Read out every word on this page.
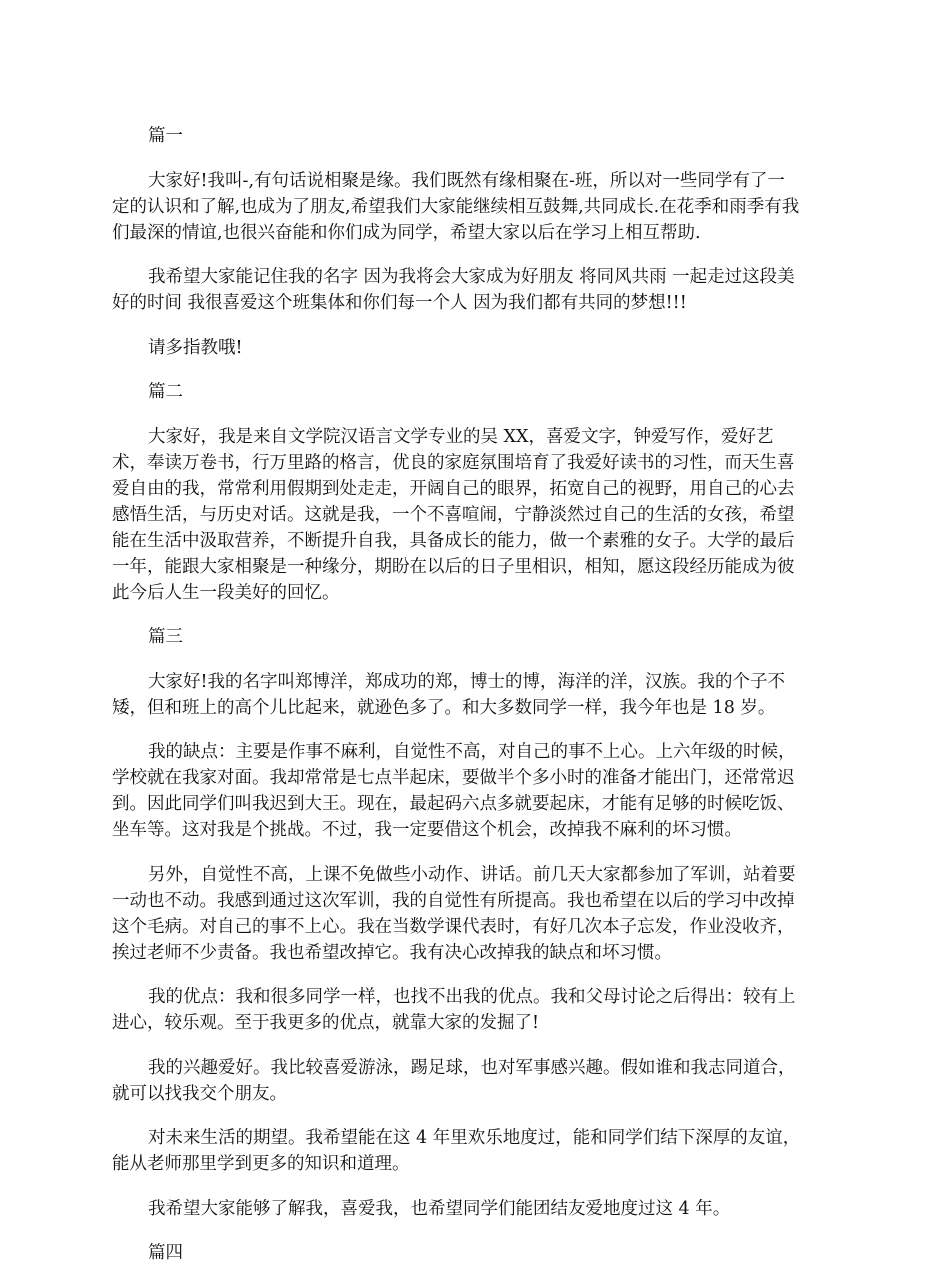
篇一
大家好!我叫-,有句话说相聚是缘。我们既然有缘相聚在-班，所以对一些同学有了一
定的认识和了解,也成为了朋友,希望我们大家能继续相互鼓舞,共同成长.在花季和雨季有我
们最深的情谊,也很兴奋能和你们成为同学，希望大家以后在学习上相互帮助.
我希望大家能记住我的名字 因为我将会大家成为好朋友 将同风共雨 一起走过这段美
好的时间 我很喜爱这个班集体和你们每一个人 因为我们都有共同的梦想!!!
请多指教哦!
篇二
大家好，我是来自文学院汉语言文学专业的吴 XX，喜爱文字，钟爱写作，爱好艺
术，奉读万卷书，行万里路的格言，优良的家庭氛围培育了我爱好读书的习性，而天生喜
爱自由的我，常常利用假期到处走走，开阔自己的眼界，拓宽自己的视野，用自己的心去
感悟生活，与历史对话。这就是我，一个不喜喧闹，宁静淡然过自己的生活的女孩，希望
能在生活中汲取营养，不断提升自我，具备成长的能力，做一个素雅的女子。大学的最后
一年，能跟大家相聚是一种缘分，期盼在以后的日子里相识，相知，愿这段经历能成为彼
此今后人生一段美好的回忆。
篇三
大家好!我的名字叫郑博洋，郑成功的郑，博士的博，海洋的洋，汉族。我的个子不
矮，但和班上的高个儿比起来，就逊色多了。和大多数同学一样，我今年也是 18 岁。
我的缺点：主要是作事不麻利，自觉性不高，对自己的事不上心。上六年级的时候，
学校就在我家对面。我却常常是七点半起床，要做半个多小时的准备才能出门，还常常迟
到。因此同学们叫我迟到大王。现在，最起码六点多就要起床，才能有足够的时候吃饭、
坐车等。这对我是个挑战。不过，我一定要借这个机会，改掉我不麻利的坏习惯。
另外，自觉性不高，上课不免做些小动作、讲话。前几天大家都参加了军训，站着要
一动也不动。我感到通过这次军训，我的自觉性有所提高。我也希望在以后的学习中改掉
这个毛病。对自己的事不上心。我在当数学课代表时，有好几次本子忘发，作业没收齐，
挨过老师不少责备。我也希望改掉它。我有决心改掉我的缺点和坏习惯。
我的优点：我和很多同学一样，也找不出我的优点。我和父母讨论之后得出：较有上
进心，较乐观。至于我更多的优点，就靠大家的发掘了!
我的兴趣爱好。我比较喜爱游泳，踢足球，也对军事感兴趣。假如谁和我志同道合，
就可以找我交个朋友。
对未来生活的期望。我希望能在这 4 年里欢乐地度过，能和同学们结下深厚的友谊，
能从老师那里学到更多的知识和道理。
我希望大家能够了解我，喜爱我，也希望同学们能团结友爱地度过这 4 年。
篇四
